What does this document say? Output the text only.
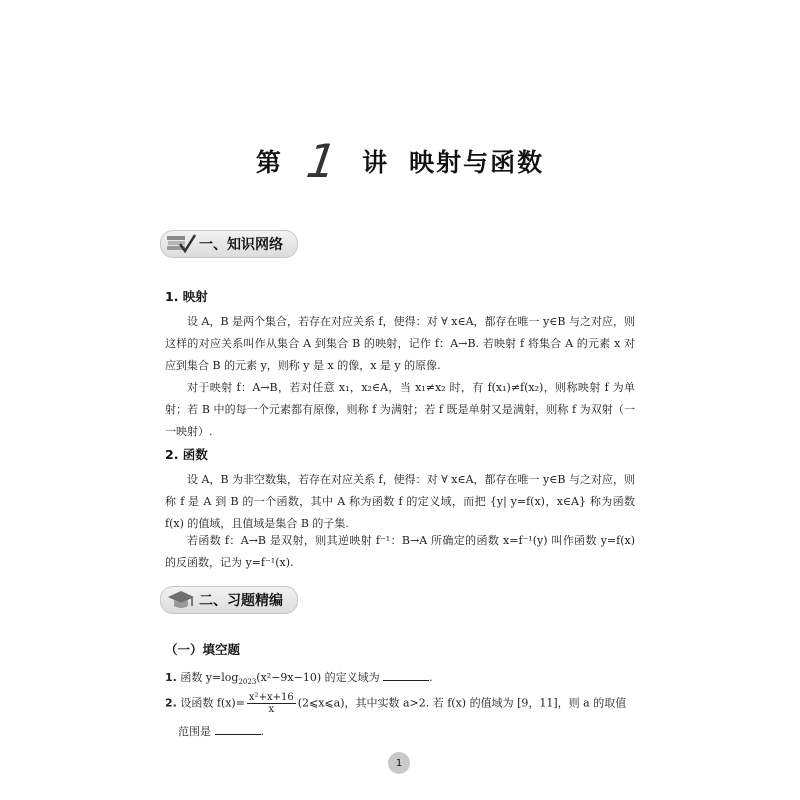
第 1 讲 映射与函数
一、知识网络
1. 映射

设 A，B 是两个集合，若存在对应关系 f，使得：对 ∀ x∈A，都存在唯一 y∈B 与之对应，则这样的对应关系叫作从集合 A 到集合 B 的映射，记作 f：A→B. 若映射 f 将集合 A 的元素 x 对应到集合 B 的元素 y，则称 y 是 x 的像，x 是 y 的原像.

对于映射 f：A→B，若对任意 x₁，x₂∈A，当 x₁≠x₂ 时，有 f(x₁)≠f(x₂)，则称映射 f 为单射；若 B 中的每一个元素都有原像，则称 f 为满射；若 f 既是单射又是满射，则称 f 为双射（一一映射）.

2. 函数

设 A，B 为非空数集，若存在对应关系 f，使得：对 ∀ x∈A，都存在唯一 y∈B 与之对应，则称 f 是 A 到 B 的一个函数，其中 A 称为函数 f 的定义域，而把 {y| y=f(x)，x∈A} 称为函数 f(x) 的值域，且值域是集合 B 的子集.

若函数 f：A→B 是双射，则其逆映射 f⁻¹：B→A 所确定的函数 x=f⁻¹(y) 叫作函数 y=f(x) 的反函数，记为 y=f⁻¹(x).

二、习题精编
（一）填空题
1. 函数 $y=\log_{2023}(x^2-9x-10)$ 的定义域为	.
2. 设函数 $f(x)= \frac{\text{x²+x+16}}{x}$ (2⩽x⩽a)，其中实数 a>2. 若 f(x) 的值域为 [9，11]，则 a 的取值
范围是	.
1
